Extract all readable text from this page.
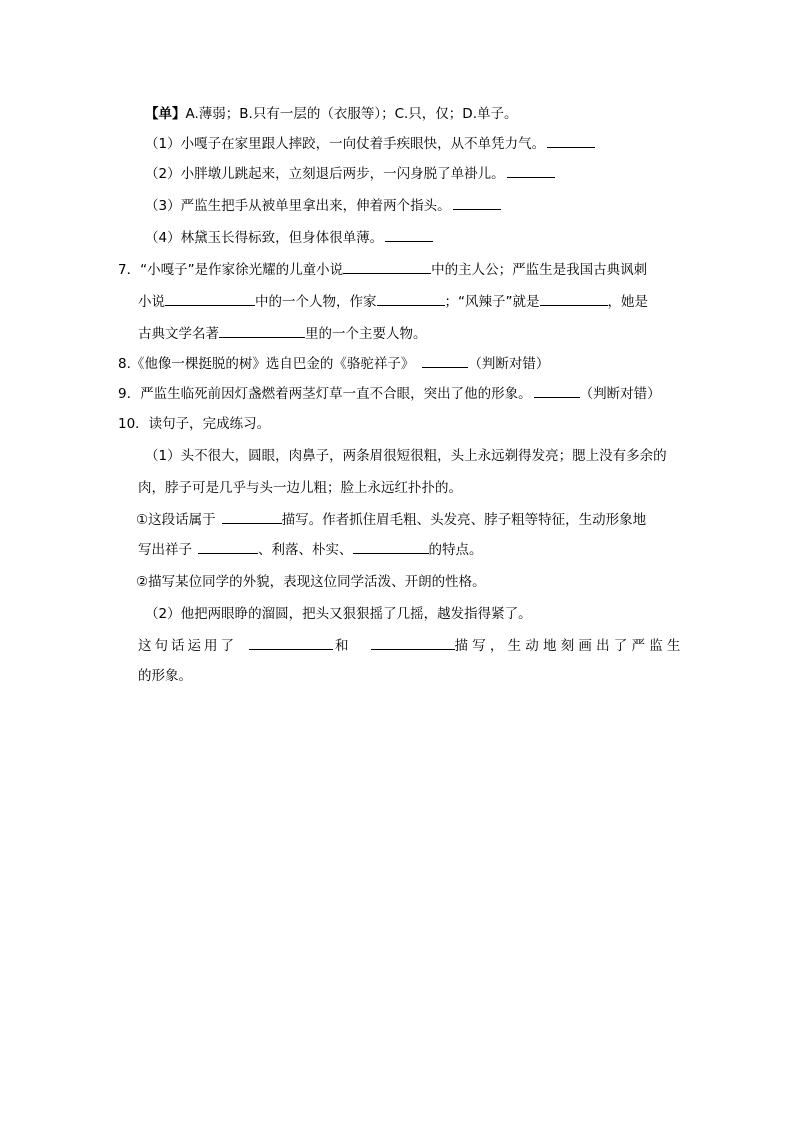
【单】A.薄弱；B.只有一层的（衣服等）；C.只，仅；D.单子。
（1）小嘎子在家里跟人摔跤，一向仗着手疾眼快，从不单凭力气。
（2）小胖墩儿跳起来，立刻退后两步，一闪身脱了单褂儿。
（3）严监生把手从被单里拿出来，伸着两个指头。
（4）林黛玉长得标致，但身体很单薄。
7．“小嘎子”是作家徐光耀的儿童小说	中的主人公；严监生是我国古典讽刺
小说	中的一个人物，作家	；“风辣子”就是	，她是
古典文学名著	里的一个主要人物。
8.《他像一棵挺脱的树》选自巴金的《骆驼祥子》	（判断对错）
9．严监生临死前因灯盏燃着两茎灯草一直不合眼，突出了他的形象。	（判断对错）
10．读句子，完成练习。
（1）头不很大，圆眼，肉鼻子，两条眉很短很粗，头上永远剃得发亮；腮上没有多余的
肉，脖子可是几乎与头一边儿粗；脸上永远红扑扑的。
①这段话属于	描写。作者抓住眉毛粗、头发亮、脖子粗等特征，生动形象地
写出祥子	、利落、朴实、	的特点。
②描写某位同学的外貌，表现这位同学活泼、开朗的性格。
（2）他把两眼睁的溜圆，把头又狠狠摇了几摇，越发指得紧了。
这句话运用了	和	描写，生动地刻画出了严监生
的形象。
